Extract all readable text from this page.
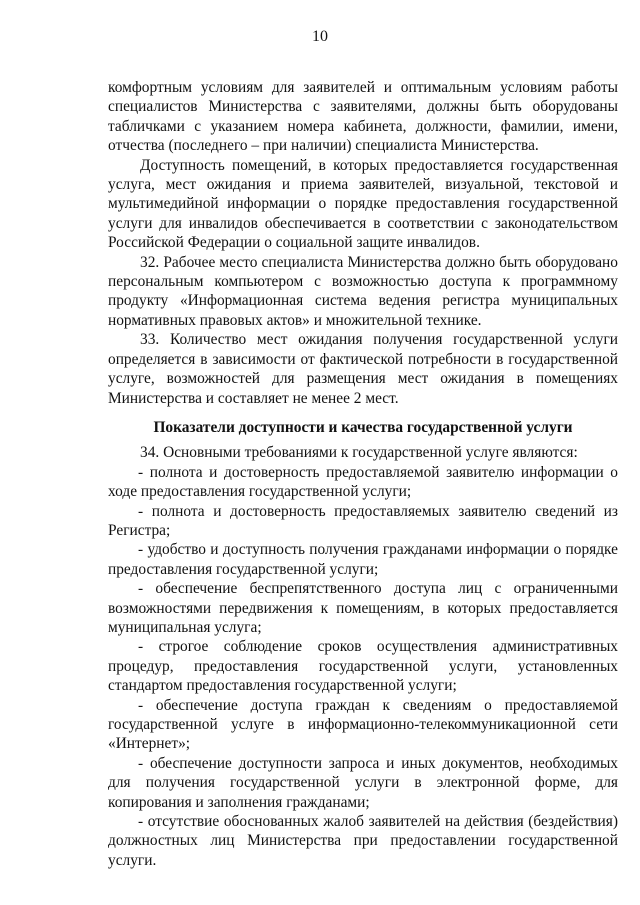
10

комфортным условиям для заявителей и оптимальным условиям работы специалистов Министерства с заявителями, должны быть оборудованы табличками с указанием номера кабинета, должности, фамилии, имени, отчества (последнего – при наличии) специалиста Министерства.

Доступность помещений, в которых предоставляется государственная услуга, мест ожидания и приема заявителей, визуальной, текстовой и мультимедийной информации о порядке предоставления государственной услуги для инвалидов обеспечивается в соответствии с законодательством Российской Федерации о социальной защите инвалидов.

32. Рабочее место специалиста Министерства должно быть оборудовано персональным компьютером с возможностью доступа к программному продукту «Информационная система ведения регистра муниципальных нормативных правовых актов» и множительной технике.

33. Количество мест ожидания получения государственной услуги определяется в зависимости от фактической потребности в государственной услуге, возможностей для размещения мест ожидания в помещениях Министерства и составляет не менее 2 мест.

Показатели доступности и качества государственной услуги

34. Основными требованиями к государственной услуге являются:

- полнота и достоверность предоставляемой заявителю информации о ходе предоставления государственной услуги;

- полнота и достоверность предоставляемых заявителю сведений из Регистра;

- удобство и доступность получения гражданами информации о порядке предоставления государственной услуги;

- обеспечение беспрепятственного доступа лиц с ограниченными возможностями передвижения к помещениям, в которых предоставляется муниципальная услуга;

- строгое соблюдение сроков осуществления административных процедур, предоставления государственной услуги, установленных стандартом предоставления государственной услуги;

- обеспечение доступа граждан к сведениям о предоставляемой государственной услуге в информационно-телекоммуникационной сети «Интернет»;

- обеспечение доступности запроса и иных документов, необходимых для получения государственной услуги в электронной форме, для копирования и заполнения гражданами;

- отсутствие обоснованных жалоб заявителей на действия (бездействия) должностных лиц Министерства при предоставлении государственной услуги.
